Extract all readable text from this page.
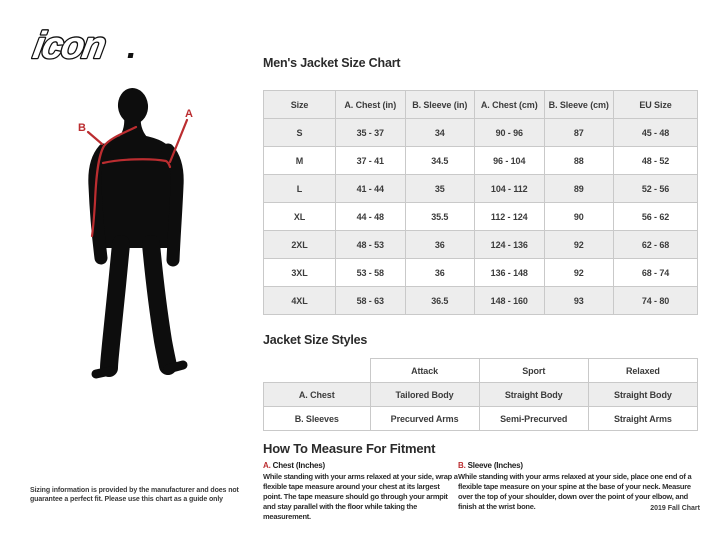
icon
B
A
Men's Jacket Size Chart
Size	A. Chest (in)	B. Sleeve (in)	A. Chest (cm)	B. Sleeve (cm)	EU Size
S	35 - 37	34	90 - 96	87	45 - 48
M	37 - 41	34.5	96 - 104	88	48 - 52
L	41 - 44	35	104 - 112	89	52 - 56
XL	44 - 48	35.5	112 - 124	90	56 - 62
2XL	48 - 53	36	124 - 136	92	62 - 68
3XL	53 - 58	36	136 - 148	92	68 - 74
4XL	58 - 63	36.5	148 - 160	93	74 - 80
Jacket Size Styles
	Attack	Sport	Relaxed
A. Chest	Tailored Body	Straight Body	Straight Body
B. Sleeves	Precurved Arms	Semi-Precurved	Straight Arms
How To Measure For Fitment
A. Chest (Inches)
While standing with your arms relaxed at your side, wrap a flexible tape measure around your chest at its largest point. The tape measure should go through your armpit and stay parallel with the floor while taking the measurement.
B. Sleeve (Inches)
While standing with your arms relaxed at your side, place one end of a flexible tape measure on your spine at the base of your neck. Measure over the top of your shoulder, down over the point of your elbow, and finish at the wrist bone.
Sizing information is provided by the manufacturer and does not guarantee a perfect fit. Please use this chart as a guide only
2019 Fall Chart
